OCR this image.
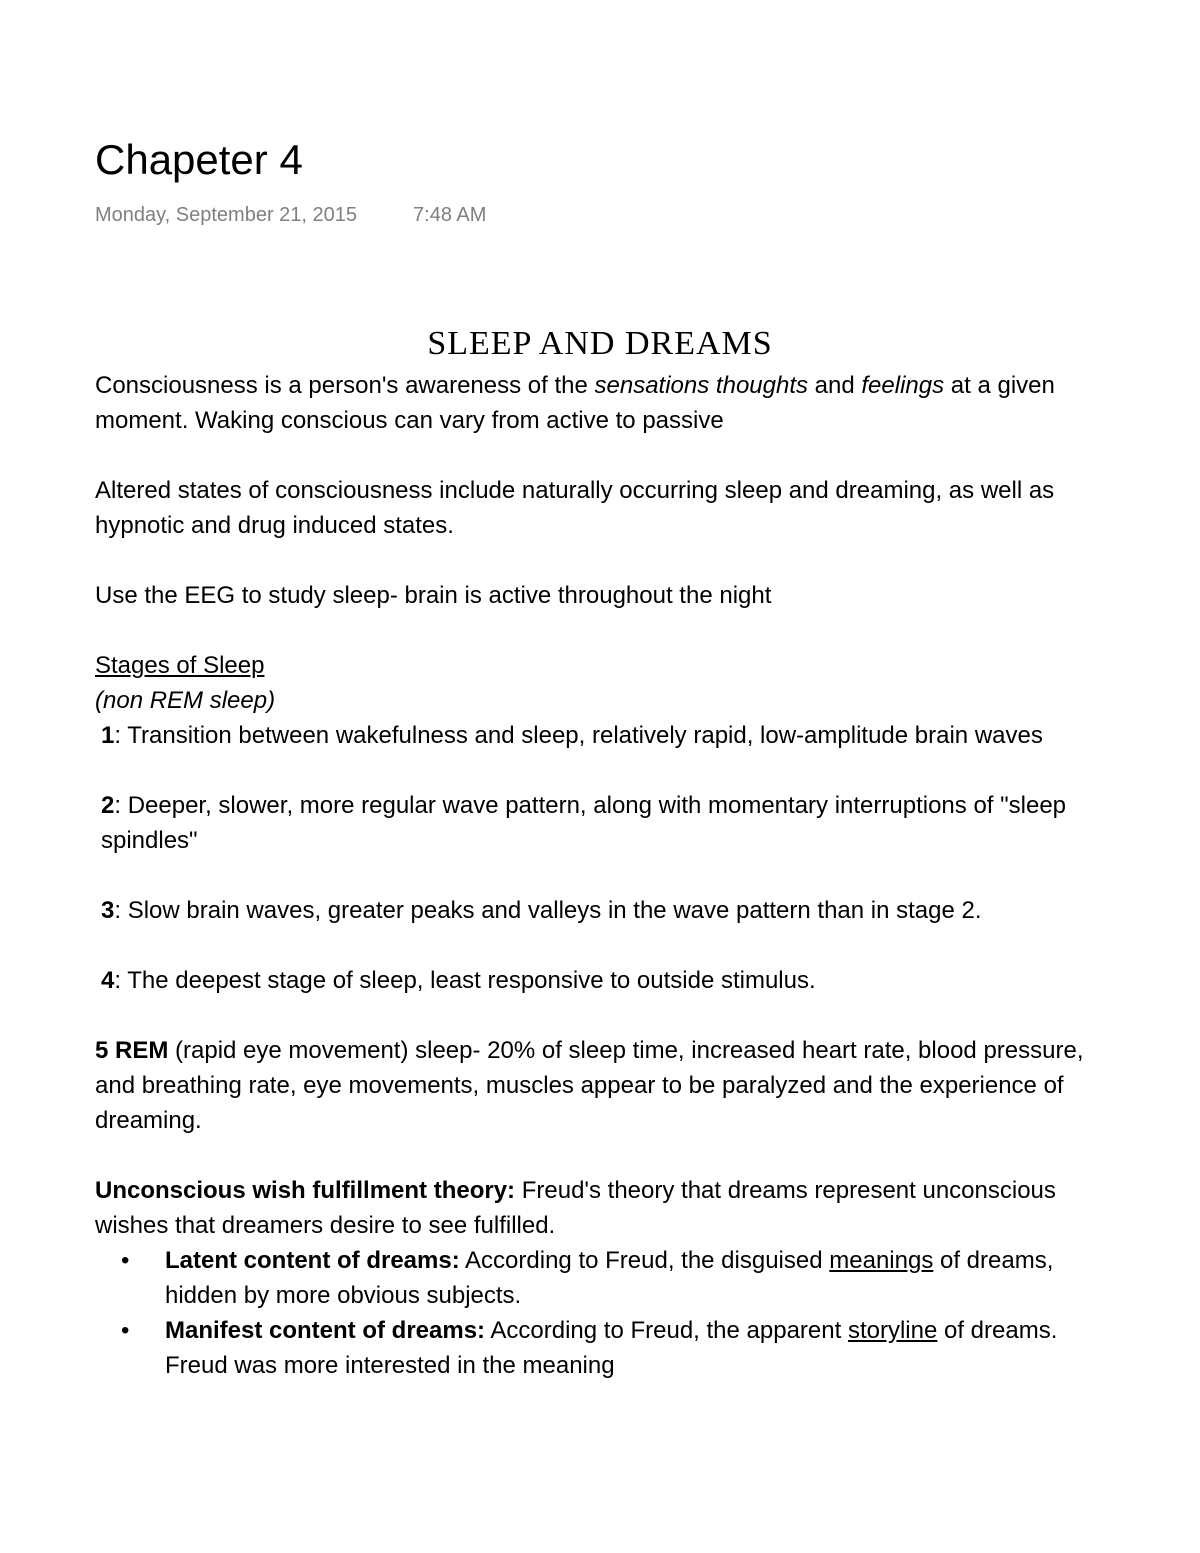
Chapeter 4
Monday, September 21, 2015	7:48 AM
SLEEP AND DREAMS

Consciousness is a person's awareness of the sensations thoughts and feelings at a given moment. Waking conscious can vary from active to passive

Altered states of consciousness include naturally occurring sleep and dreaming, as well as hypnotic and drug induced states.

Use the EEG to study sleep- brain is active throughout the night

Stages of Sleep

(non REM sleep)

1: Transition between wakefulness and sleep, relatively rapid, low-amplitude brain waves

2: Deeper, slower, more regular wave pattern, along with momentary interruptions of "sleep spindles"

3: Slow brain waves, greater peaks and valleys in the wave pattern than in stage 2.

4: The deepest stage of sleep, least responsive to outside stimulus.

5 REM (rapid eye movement) sleep- 20% of sleep time, increased heart rate, blood pressure, and breathing rate, eye movements, muscles appear to be paralyzed and the experience of dreaming.

Unconscious wish fulfillment theory: Freud's theory that dreams represent unconscious wishes that dreamers desire to see fulfilled.

• Latent content of dreams: According to Freud, the disguised meanings of dreams, hidden by more obvious subjects.
• Manifest content of dreams: According to Freud, the apparent storyline of dreams. Freud was more interested in the meaning
